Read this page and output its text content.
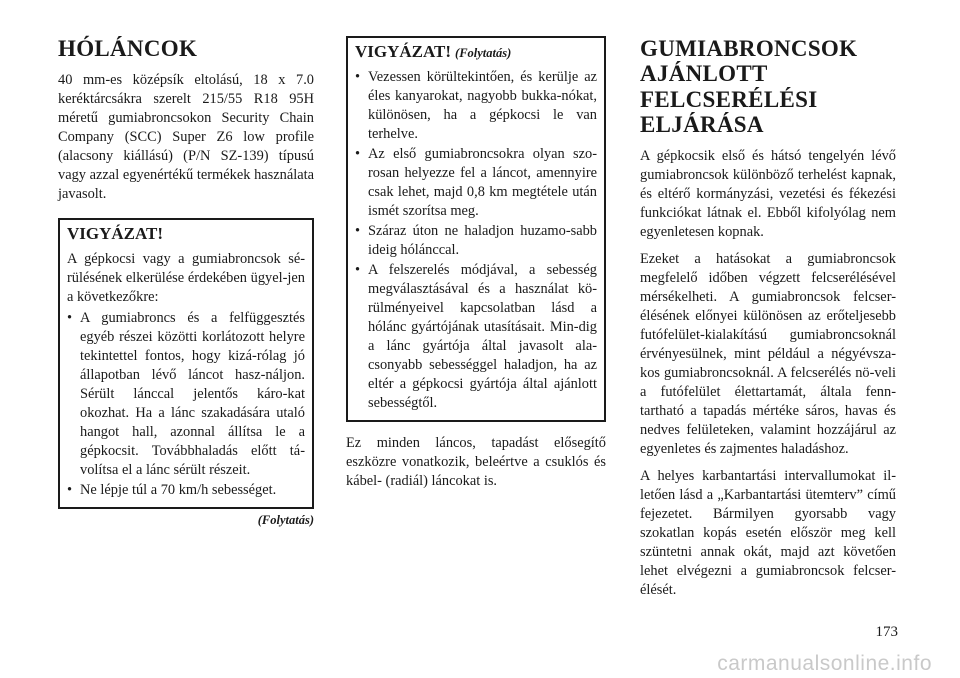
HÓLÁNCOK

40 mm-es középsík eltolású, 18 x 7.0 keréktárcsákra szerelt 215/55 R18 95H méretű gumiabroncsokon Security Chain Company (SCC) Super Z6 low profile (alacsony kiállású) (P/N SZ-139) típusú vagy azzal egyenértékű termékek használata javasolt.

VIGYÁZAT!

A gépkocsi vagy a gumiabroncsok sé-rülésének elkerülése érdekében ügyel-jen a következőkre:

• A gumiabroncs és a felfüggesztés egyéb részei közötti korlátozott helyre tekintettel fontos, hogy kizá-rólag jó állapotban lévő láncot hasz-náljon. Sérült lánccal jelentős káro-kat okozhat. Ha a lánc szakadására utaló hangot hall, azonnal állítsa le a gépkocsit. Továbbhaladás előtt tá-volítsa el a lánc sérült részeit.
• Ne lépje túl a 70 km/h sebességet.
(Folytatás)
VIGYÁZAT! (Folytatás)
• Vezessen körültekintően, és kerülje az éles kanyarokat, nagyobb bukka-nókat, különösen, ha a gépkocsi le van terhelve.
• Az első gumiabroncsokra olyan szo-rosan helyezze fel a láncot, amennyire csak lehet, majd 0,8 km megtétele után ismét szorítsa meg.
• Száraz úton ne haladjon huzamo-sabb ideig hólánccal.
• A felszerelés módjával, a sebesség megválasztásával és a használat kö-rülményeivel kapcsolatban lásd a hólánc gyártójának utasításait. Min-dig a lánc gyártója által javasolt ala-csonyabb sebességgel haladjon, ha az eltér a gépkocsi gyártója által ajánlott sebességtől.

Ez minden láncos, tapadást elősegítő eszközre vonatkozik, beleértve a csuklós és kábel- (radiál) láncokat is.

GUMIABRONCSOK
AJÁNLOTT
FELCSERÉLÉSI
ELJÁRÁSA

A gépkocsik első és hátsó tengelyén lévő gumiabroncsok különböző terhelést kapnak, és eltérő kormányzási, vezetési és fékezési funkciókat látnak el. Ebből kifolyólag nem egyenletesen kopnak.

Ezeket a hatásokat a gumiabroncsok megfelelő időben végzett felcserélésével mérsékelheti. A gumiabroncsok felcser-élésének előnyei különösen az erőteljesebb futófelület-kialakítású gumiabroncsoknál érvényesülnek, mint például a négyévsza-kos gumiabroncsoknál. A felcserélés nö-veli a futófelület élettartamát, általa fenn-tartható a tapadás mértéke sáros, havas és nedves felületeken, valamint hozzájárul az egyenletes és zajmentes haladáshoz.

A helyes karbantartási intervallumokat il-letően lásd a „Karbantartási ütemterv” című fejezetet. Bármilyen gyorsabb vagy szokatlan kopás esetén először meg kell szüntetni annak okát, majd azt követően lehet elvégezni a gumiabroncsok felcser-élését.

173
carmanualsonline.info
